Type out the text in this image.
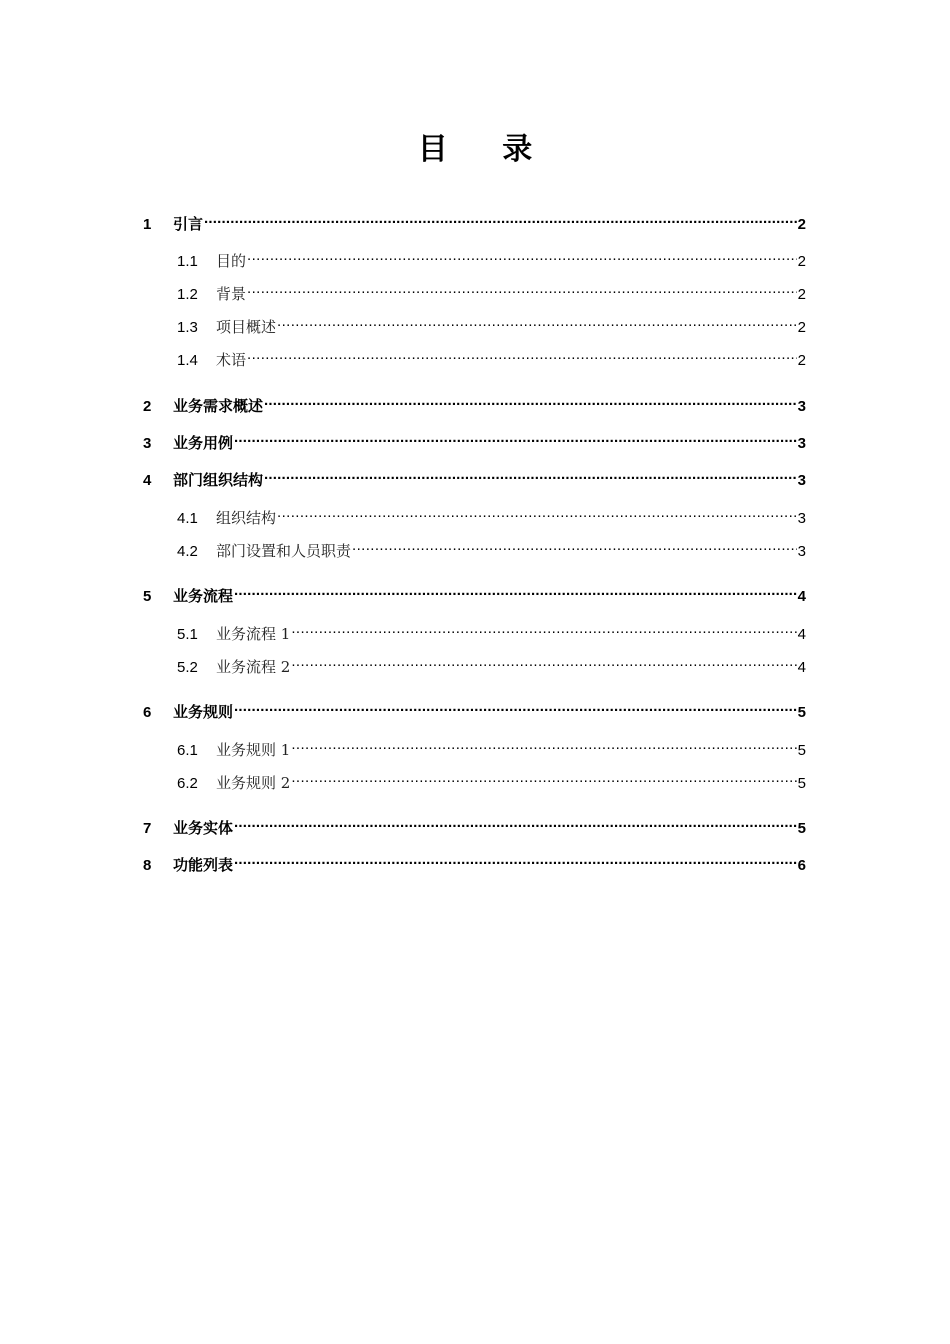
目 录
1	引言 .....	2
1.1	目的 .....	2
1.2	背景 .....	2
1.3	项目概述 .....	2
1.4	术语 .....	2
2	业务需求概述 .....	3
3	业务用例 .....	3
4	部门组织结构 .....	3
4.1	组织结构 .....	3
4.2	部门设置和人员职责 .....	3
5	业务流程 .....	4
5.1	业务流程 1 .....	4
5.2	业务流程 2 .....	4
6	业务规则 .....	5
6.1	业务规则 1 .....	5
6.2	业务规则 2 .....	5
7	业务实体 .....	5
8	功能列表 .....	6
